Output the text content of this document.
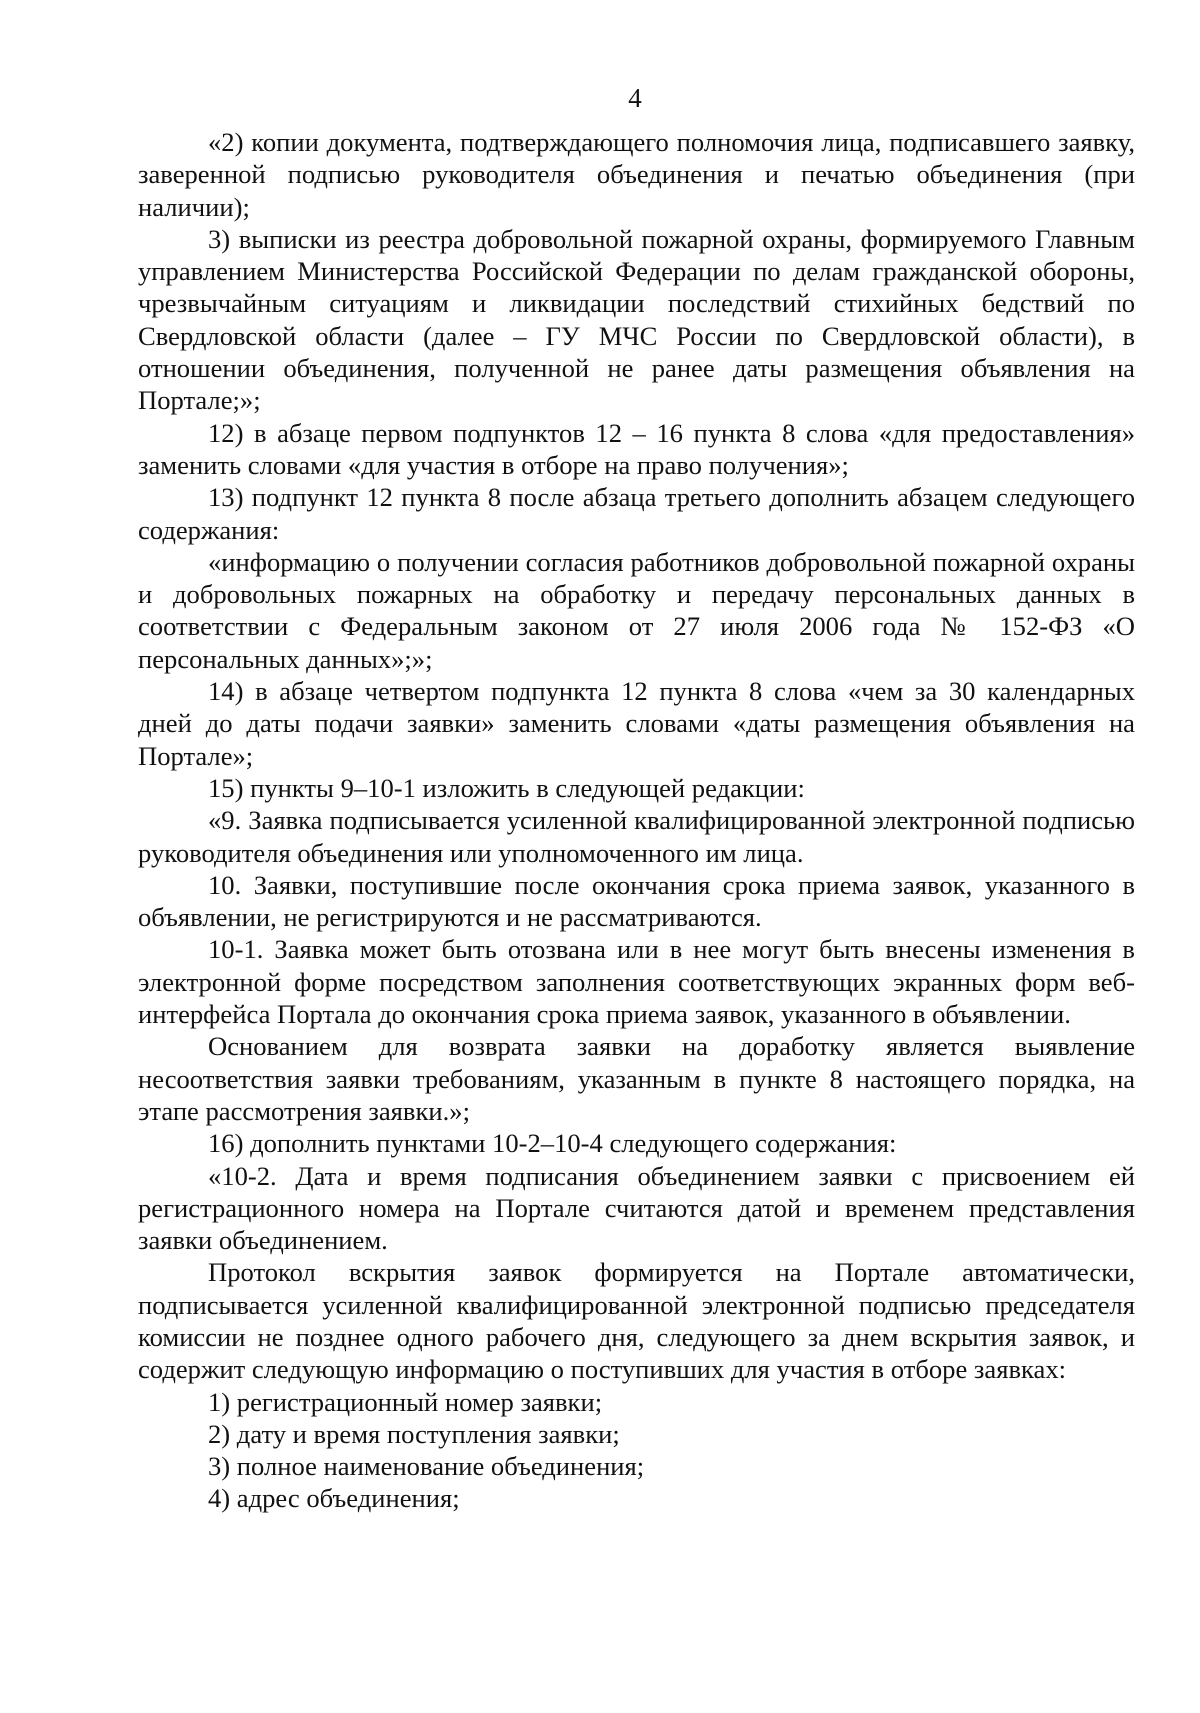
4

«2) копии документа, подтверждающего полномочия лица, подписавшего заявку, заверенной подписью руководителя объединения и печатью объединения (при наличии);

3) выписки из реестра добровольной пожарной охраны, формируемого Главным управлением Министерства Российской Федерации по делам гражданской обороны, чрезвычайным ситуациям и ликвидации последствий стихийных бедствий по Свердловской области (далее – ГУ МЧС России по Свердловской области), в отношении объединения, полученной не ранее даты размещения объявления на Портале;»;

12) в абзаце первом подпунктов 12 – 16 пункта 8 слова «для предоставления» заменить словами «для участия в отборе на право получения»;

13) подпункт 12 пункта 8 после абзаца третьего дополнить абзацем следующего содержания:

«информацию о получении согласия работников добровольной пожарной охраны и добровольных пожарных на обработку и передачу персональных данных в соответствии с Федеральным законом от 27 июля 2006 года № 152-ФЗ «О персональных данных»;»;

14) в абзаце четвертом подпункта 12 пункта 8 слова «чем за 30 календарных дней до даты подачи заявки» заменить словами «даты размещения объявления на Портале»;

15) пункты 9–10-1 изложить в следующей редакции:

«9. Заявка подписывается усиленной квалифицированной электронной подписью руководителя объединения или уполномоченного им лица.

10. Заявки, поступившие после окончания срока приема заявок, указанного в объявлении, не регистрируются и не рассматриваются.

10-1. Заявка может быть отозвана или в нее могут быть внесены изменения в электронной форме посредством заполнения соответствующих экранных форм веб-интерфейса Портала до окончания срока приема заявок, указанного в объявлении.

Основанием для возврата заявки на доработку является выявление несоответствия заявки требованиям, указанным в пункте 8 настоящего порядка, на этапе рассмотрения заявки.»;

16) дополнить пунктами 10-2–10-4 следующего содержания:

«10-2. Дата и время подписания объединением заявки с присвоением ей регистрационного номера на Портале считаются датой и временем представления заявки объединением.

Протокол вскрытия заявок формируется на Портале автоматически, подписывается усиленной квалифицированной электронной подписью председателя комиссии не позднее одного рабочего дня, следующего за днем вскрытия заявок, и содержит следующую информацию о поступивших для участия в отборе заявках:

1) регистрационный номер заявки;

2) дату и время поступления заявки;

3) полное наименование объединения;

4) адрес объединения;
